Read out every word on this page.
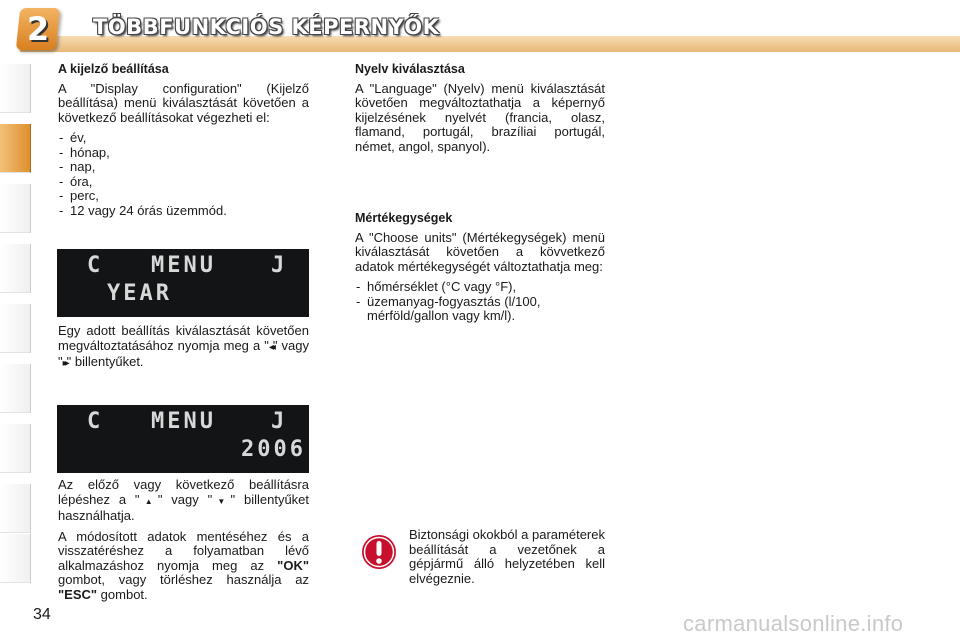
2	TÖBBFUNKCIÓS KÉPERNYŐK

A kijelző beállítása

A "Display configuration" (Kijelző beállítása) menü kiválasztását követően a következő beállításokat végezheti el:

- év,
- hónap,
- nap,
- óra,
- perc,
- 12 vagy 24 órás üzemmód.
C MENU	J
YEAR

Egy adott beállítás kiválasztását követően megváltoztatásához nyomja meg a "◂◂" vagy "▸▸" billentyűket.

C MENU	J
2006

Az előző vagy következő beállításra lépéshez a "▲" vagy "▼" billentyűket használhatja.

A módosított adatok mentéséhez és a visszatéréshez a folyamatban lévő alkalmazáshoz nyomja meg az "OK" gombot, vagy törléshez használja az "ESC" gombot.

Nyelv kiválasztása

A "Language" (Nyelv) menü kiválasztását követően megváltoztathatja a képernyő kijelzésének nyelvét (francia, olasz, flamand, portugál, brazíliai portugál, német, angol, spanyol).

Mértékegységek

A "Choose units" (Mértékegységek) menü kiválasztását követően a kövvetkező adatok mértékegységét változtathatja meg:

- hőmérséklet (°C vagy °F),
- üzemanyag-fogyasztás (l/100, mérföld/gallon vagy km/l).

Biztonsági okokból a paraméterek beállítását a vezetőnek a gépjármű álló helyzetében kell elvégeznie.

34	carmanualsonline.info
